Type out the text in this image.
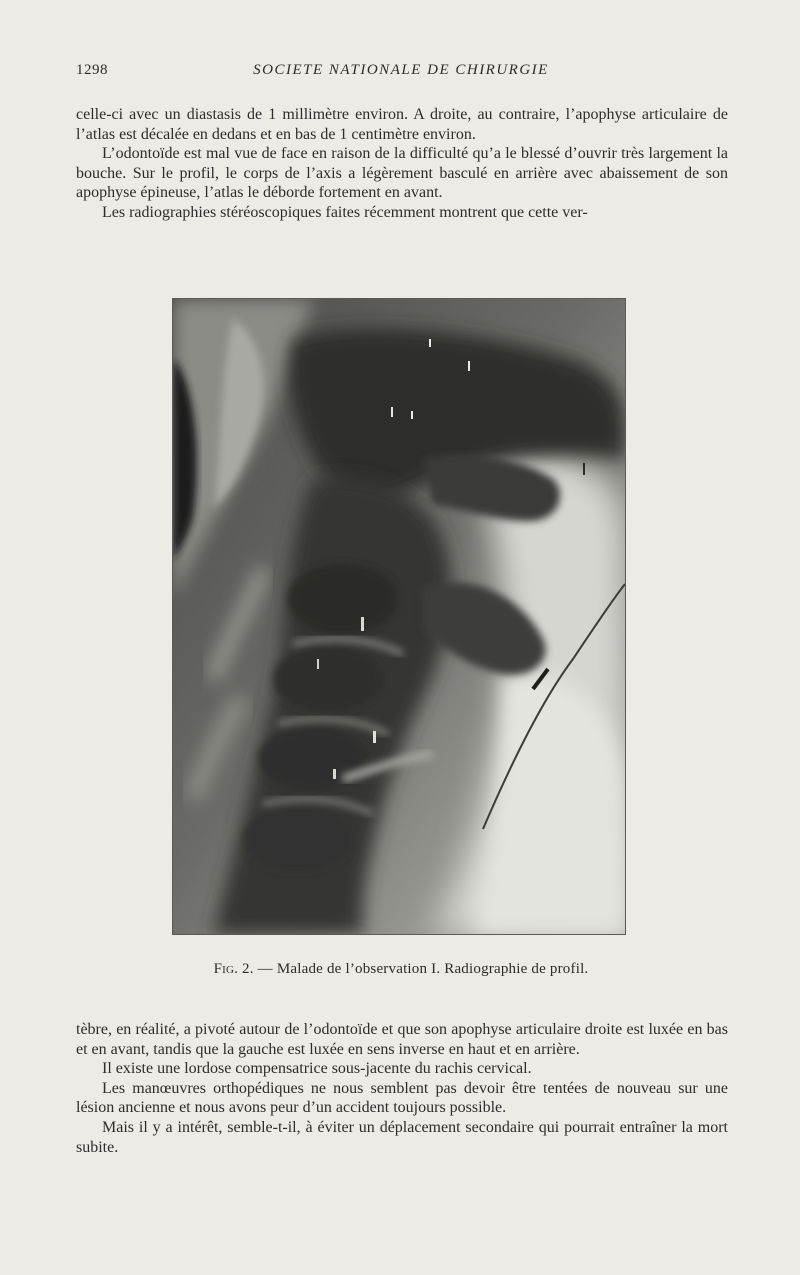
1298	SOCIETE NATIONALE DE CHIRURGIE

celle-ci avec un diastasis de 1 millimètre environ. A droite, au contraire, l’apophyse articulaire de l’atlas est décalée en dedans et en bas de 1 centimètre environ.

L’odontoïde est mal vue de face en raison de la difficulté qu’a le blessé d’ouvrir très largement la bouche. Sur le profil, le corps de l’axis a légèrement basculé en arrière avec abaissement de son apophyse épineuse, l’atlas le déborde fortement en avant.

Les radiographies stéréoscopiques faites récemment montrent que cette ver-

Fig. 2. — Malade de l’observation I. Radiographie de profil.

tèbre, en réalité, a pivoté autour de l’odontoïde et que son apophyse articulaire droite est luxée en bas et en avant, tandis que la gauche est luxée en sens inverse en haut et en arrière.

Il existe une lordose compensatrice sous-jacente du rachis cervical.

Les manœuvres orthopédiques ne nous semblent pas devoir être tentées de nouveau sur une lésion ancienne et nous avons peur d’un accident toujours possible.

Mais il y a intérêt, semble-t-il, à éviter un déplacement secondaire qui pourrait entraîner la mort subite.
